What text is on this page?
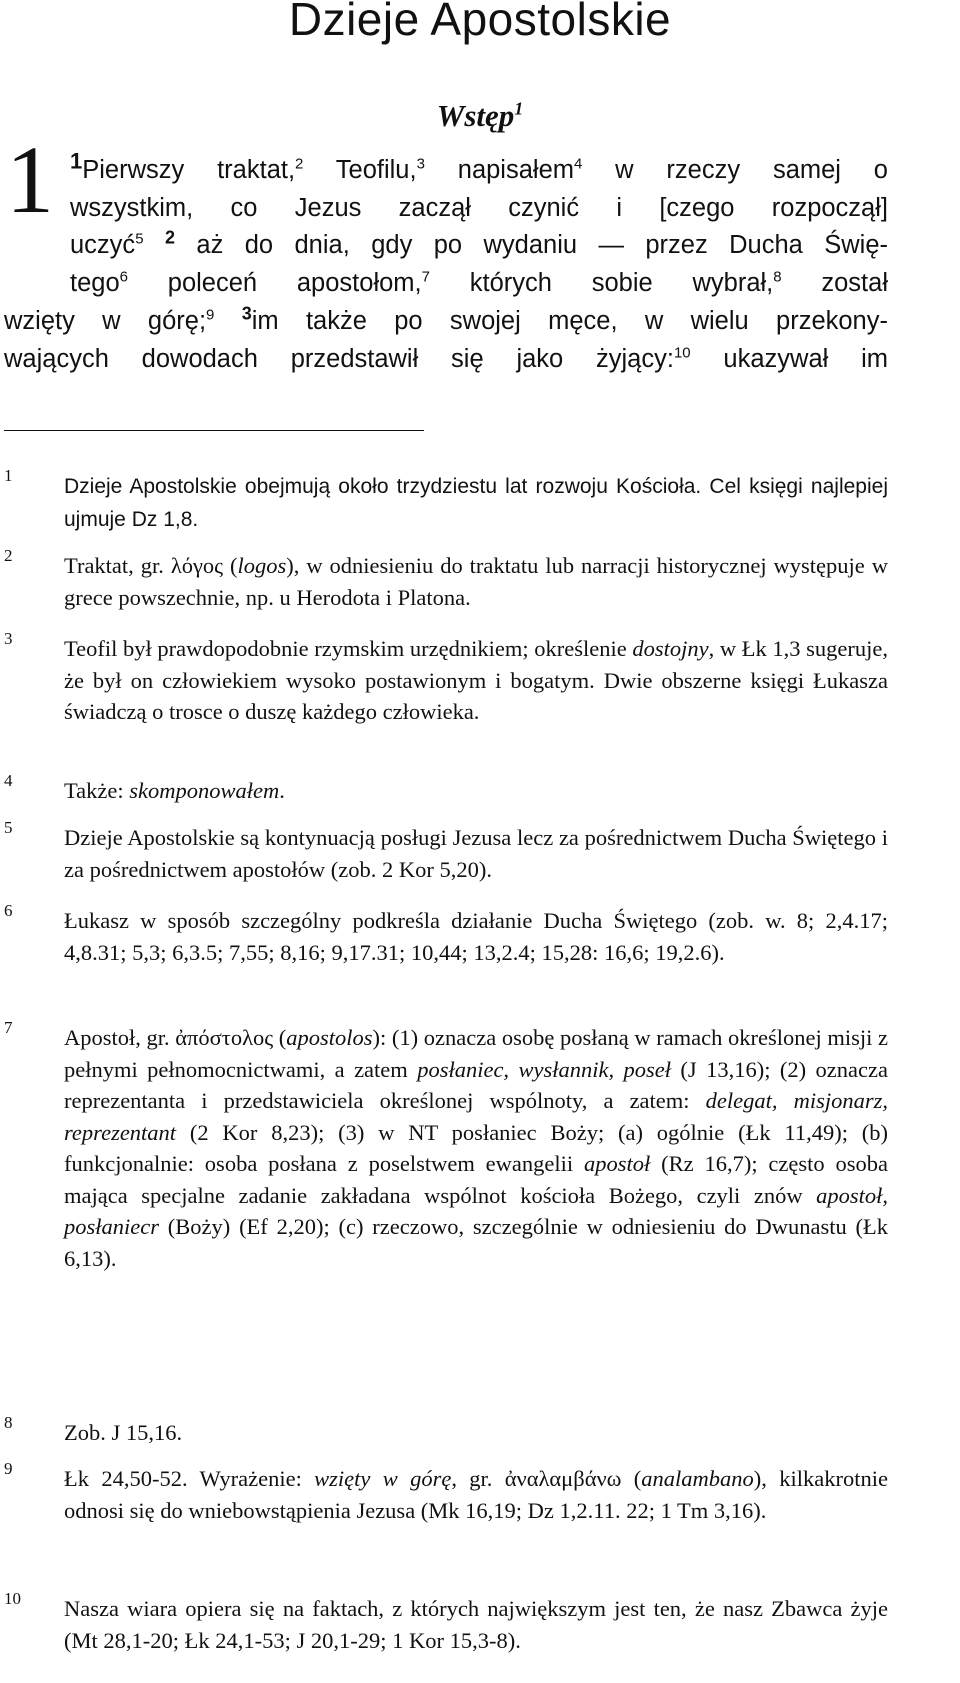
Dzieje Apostolskie
Wstęp$^1$
1 1Pierwszy traktat,$^2$ Teofilu,$^3$ napisałem$^4$ w rzeczy samej o
wszystkim, co Jezus zaczął czynić i [czego rozpoczął]
uczyć$^5$ $^2$ aż do dnia, gdy po wydaniu — przez Ducha Świę-
tego$^6$ poleceń apostołom,$^7$ których sobie wybrał,$^8$ został
wzięty w górę;$^9$ $^3$im także po swojej męce, w wielu przekony-
wających dowodach przedstawił się jako żyjący:$^{10}$ ukazywał im
1 Dzieje Apostolskie obejmują około trzydziestu lat rozwoju Kościoła. Cel księgi najlepiej ujmuje Dz 1,8.
2 Traktat, gr. λόγος (logos), w odniesieniu do traktatu lub narracji historycznej występuje w grece powszechnie, np. u Herodota i Platona.
3 Teofil był prawdopodobnie rzymskim urzędnikiem; określenie dostojny, w Łk 1,3 sugeruje, że był on człowiekiem wysoko postawionym i bogatym. Dwie obszerne księgi Łukasza świadczą o trosce o duszę każdego człowieka.
4 Także: skomponowałem.
5 Dzieje Apostolskie są kontynuacją posługi Jezusa lecz za pośrednictwem Ducha Świętego i za pośrednictwem apostołów (zob. 2 Kor 5,20).
6 Łukasz w sposób szczególny podkreśla działanie Ducha Świętego (zob. w. 8; 2,4.17; 4,8.31; 5,3; 6,3.5; 7,55; 8,16; 9,17.31; 10,44; 13,2.4; 15,28: 16,6; 19,2.6).
7 Apostoł, gr. ἀπόστολος (apostolos): (1) oznacza osobę posłaną w ramach określonej misji z pełnymi pełnomocnictwami, a zatem posłaniec, wysłannik, poseł (J 13,16); (2) oznacza reprezentanta i przedstawiciela określonej wspólnoty, a zatem: delegat, misjonarz, reprezentant (2 Kor 8,23); (3) w NT posłaniec Boży; (a) ogólnie (Łk 11,49); (b) funkcjonalnie: osoba posłana z poselstwem ewangelii apostoł (Rz 16,7); często osoba mająca specjalne zadanie zakładana wspólnot kościoła Bożego, czyli znów apostoł, posłaniecr (Boży) (Ef 2,20); (c) rzeczowo, szczególnie w odniesieniu do Dwunastu (Łk 6,13).
8 Zob. J 15,16.
9 Łk 24,50-52. Wyrażenie: wzięty w górę, gr. ἀναλαμβάνω (analambano), kilkakrotnie odnosi się do wniebowstąpienia Jezusa (Mk 16,19; Dz 1,2.11. 22; 1 Tm 3,16).
10 Nasza wiara opiera się na faktach, z których największym jest ten, że nasz Zbawca żyje (Mt 28,1-20; Łk 24,1-53; J 20,1-29; 1 Kor 15,3-8).
